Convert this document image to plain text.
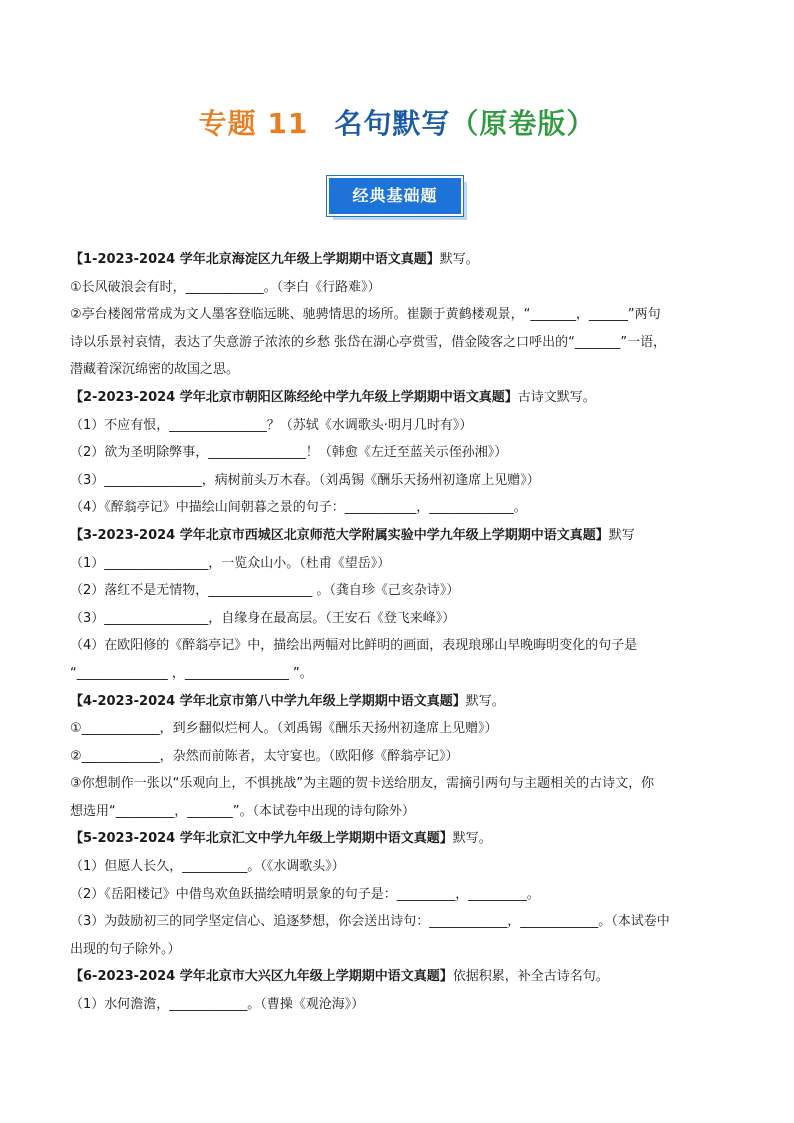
专题 11 名句默写（原卷版）
经典基础题

【1-2023-2024 学年北京海淀区九年级上学期期中语文真题】默写。

①长风破浪会有时，____________。（李白《行路难》）

②亭台楼阁常常成为文人墨客登临远眺、驰骋情思的场所。崔颢于黄鹤楼观景，“_______，______”两句

诗以乐景衬哀情，表达了失意游子浓浓的乡愁 张岱在湖心亭赏雪，借金陵客之口呼出的“_______”一语，

潜藏着深沉绵密的故国之思。

【2-2023-2024 学年北京市朝阳区陈经纶中学九年级上学期期中语文真题】古诗文默写。

（1）不应有恨，_______________？（苏轼《水调歌头·明月几时有》）

（2）欲为圣明除弊事，_______________！（韩愈《左迁至蓝关示侄孙湘》）

（3）_______________，病树前头万木春。（刘禹锡《酬乐天扬州初逢席上见赠》）

（4）《醉翁亭记》中描绘山间朝暮之景的句子：___________，_____________。

【3-2023-2024 学年北京市西城区北京师范大学附属实验中学九年级上学期期中语文真题】默写

（1）________________，一览众山小。（杜甫《望岳》）

（2）落红不是无情物，________________ 。（龚自珍《己亥杂诗》）

（3）________________，自缘身在最高层。（王安石《登飞来峰》）

（4）在欧阳修的《醉翁亭记》中，描绘出两幅对比鲜明的画面，表现琅琊山早晚晦明变化的句子是

“______________ ，________________ ”。

【4-2023-2024 学年北京市第八中学九年级上学期期中语文真题】默写。

①____________，到乡翻似烂柯人。（刘禹锡《酬乐天扬州初逢席上见赠》）

②____________，杂然而前陈者，太守宴也。（欧阳修《醉翁亭记》）

③你想制作一张以“乐观向上，不惧挑战”为主题的贺卡送给朋友，需摘引两句与主题相关的古诗文，你

想选用“_________，_______”。（本试卷中出现的诗句除外）

【5-2023-2024 学年北京汇文中学九年级上学期期中语文真题】默写。

（1）但愿人长久，__________。（《水调歌头》）

（2）《岳阳楼记》中借鸟欢鱼跃描绘晴明景象的句子是：_________，_________。

（3）为鼓励初三的同学坚定信心、追逐梦想，你会送出诗句：____________，____________。（本试卷中

出现的句子除外。）

【6-2023-2024 学年北京市大兴区九年级上学期期中语文真题】依据积累，补全古诗名句。

（1）水何澹澹，____________。（曹操《观沧海》）
